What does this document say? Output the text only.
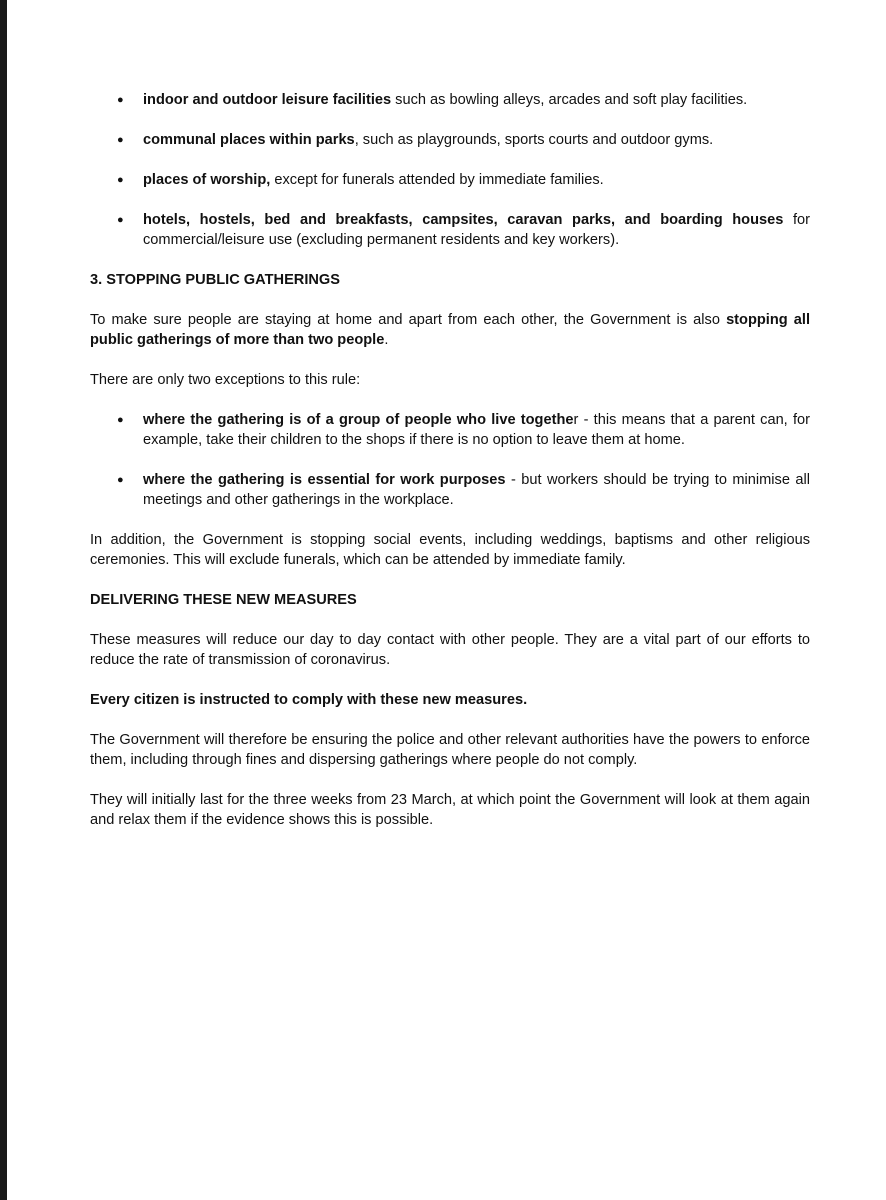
● indoor and outdoor leisure facilities such as bowling alleys, arcades and soft play facilities.
● communal places within parks, such as playgrounds, sports courts and outdoor gyms.
● places of worship, except for funerals attended by immediate families.
● hotels, hostels, bed and breakfasts, campsites, caravan parks, and boarding houses for commercial/leisure use (excluding permanent residents and key workers).

3. STOPPING PUBLIC GATHERINGS

To make sure people are staying at home and apart from each other, the Government is also stopping all public gatherings of more than two people.

There are only two exceptions to this rule:

● where the gathering is of a group of people who live together - this means that a parent can, for example, take their children to the shops if there is no option to leave them at home.
● where the gathering is essential for work purposes - but workers should be trying to minimise all meetings and other gatherings in the workplace.

In addition, the Government is stopping social events, including weddings, baptisms and other religious ceremonies. This will exclude funerals, which can be attended by immediate family.

DELIVERING THESE NEW MEASURES

These measures will reduce our day to day contact with other people. They are a vital part of our efforts to reduce the rate of transmission of coronavirus.

Every citizen is instructed to comply with these new measures.

The Government will therefore be ensuring the police and other relevant authorities have the powers to enforce them, including through fines and dispersing gatherings where people do not comply.

They will initially last for the three weeks from 23 March, at which point the Government will look at them again and relax them if the evidence shows this is possible.
